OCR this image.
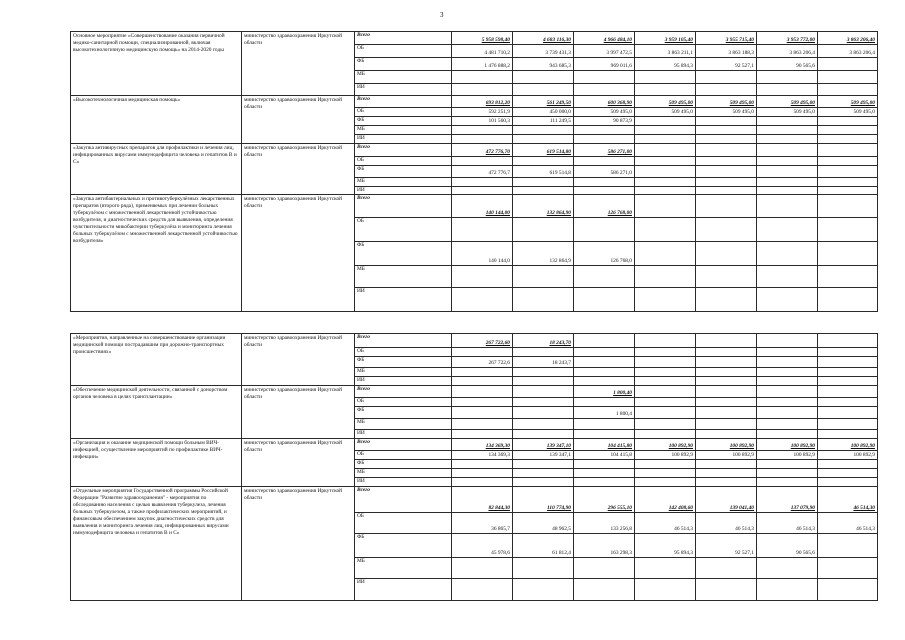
3
Основное мероприятие «Совершенствование оказания первичной медико-санитарной помощи, специализированной, включая высокотехнологичную медицинскую помощь» на 2014-2020 годы	министерство здравоохранения Иркутской области	Всего	5 958 598,40	4 683 116,30	4 966 484,10	3 959 105,40	3 955 715,40	3 953 772,00	3 863 206,40
		ОБ	4 481 710,2	3 739 431,3	3 997 472,5	3 863 211,1	3 863 188,3	3 863 206,4	3 863 206,4
		ФБ	1 476 888,2	943 685,3	969 011,6	95 894,3	92 527,1	90 565,6	
		МБ							
		ИИ							
«Высокотехнологичная медицинская помощь»	министерство здравоохранения Иркутской области	Всего	693 812,20	561 249,50	600 368,90	509 495,00	509 495,00	509 495,00	509 495,00
		ОБ	592 251,9	450 000,0	509 495,0	509 495,0	509 495,0	509 495,0	509 495,0
		ФБ	101 560,3	111 249,5	90 873,9				
		МБ							
		ИИ							
«Закупка антивирусных препаратов для профилактики и лечения лиц, инфицированных вирусами иммунодефицита человека и гепатитов В и С»	министерство здравоохранения Иркутской области	Всего	472 776,70	619 514,80	586 271,00				
		ОБ							
		ФБ	472 776,7	619 514,8	586 271,0				
		МБ							
		ИИ							
«Закупка антибактериальных и противотуберкулёзных лекарственных препаратов (второго ряда), применяемых при лечении больных туберкулёзом с множественной лекарственной устойчивостью возбудителя, и диагностических средств для выявления, определения чувствительности микобактерии туберкулёза и мониторинга лечения больных туберкулёзом с множественной лекарственной устойчивостью возбудителя»	министерство здравоохранения Иркутской области	Всего	140 144,00	132 864,90	126 768,00				
		ОБ							
		ФБ	140 144,0	132 864,9	126 768,0				
		МБ							
		ИИ							

«Мероприятия, направленные на совершенствование организации медицинской помощи пострадавшим при дорожно-транспортных происшествиях»	министерство здравоохранения Иркутской области	Всего	267 722,60	18 243,70					
		ОБ							
		ФБ	267 722,6	18 243,7					
		МБ							
		ИИ							
«Обеспечение медицинской деятельности, связанной с донорством органов человека в целях трансплантации»	министерство здравоохранения Иркутской области	Всего			1 800,40				
		ОБ							
		ФБ			1 800,4				
		МБ							
		ИИ							
«Организация и оказание медицинской помощи больным ВИЧ-инфекцией, осуществление мероприятий по профилактике ВИЧ-инфекции»	министерство здравоохранения Иркутской области	Всего	134 369,30	139 347,10	104 415,80	100 892,90	100 892,90	100 892,90	100 892,90
		ОБ	134 369,3	139 347,1	104 415,8	100 892,9	100 892,9	100 892,9	100 892,9
		ФБ							
		МБ							
		ИИ							
«Отдельные мероприятия Государственной программы Российской Федерации "Развитие здравоохранения" - мероприятия по обследованию населения с целью выявления туберкулеза, лечения больных туберкулезом, а также профилактических мероприятий, и финансовым обеспечением закупок диагностических средств для выявления и мониторинга лечения лиц, инфицированных вирусами иммунодефицита человека и гепатитов В и С»	министерство здравоохранения Иркутской области	Всего	82 844,30	110 774,90	296 555,10	142 408,60	139 041,40	137 079,90	46 514,30
		ОБ	36 865,7	48 962,5	133 256,8	46 514,3	46 514,3	46 514,3	46 514,3
		ФБ	45 978,6	61 812,4	163 298,3	95 894,3	92 527,1	90 565,6	
		МБ							
		ИИ							
